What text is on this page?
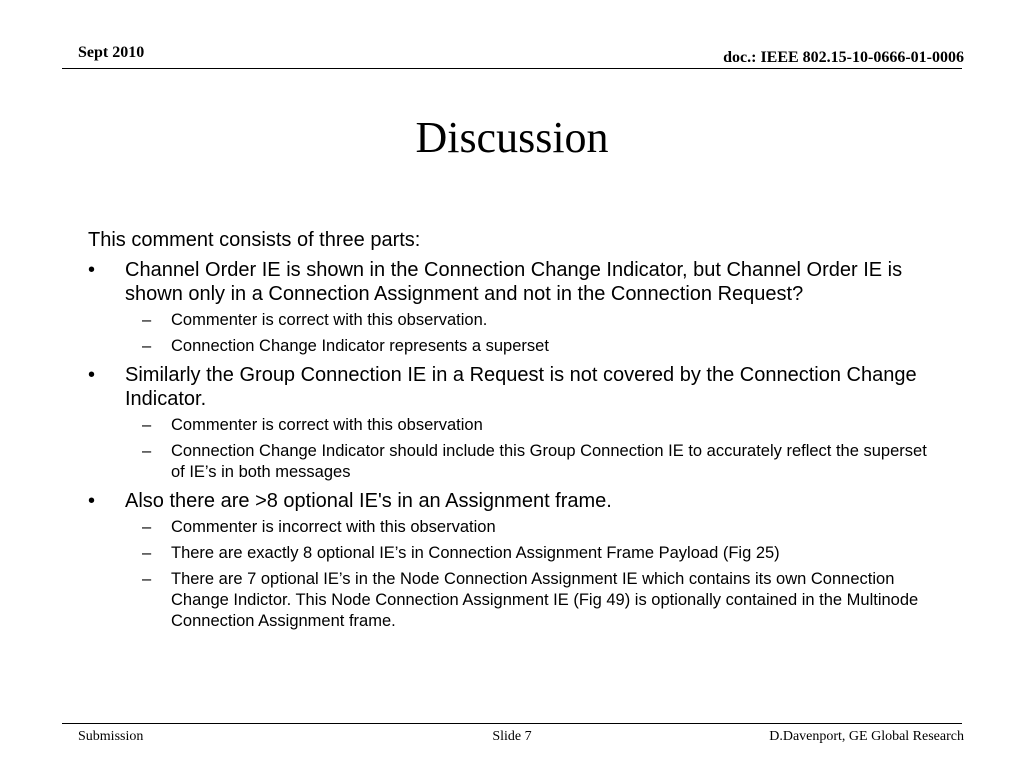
Sept 2010	doc.: IEEE 802.15-10-0666-01-0006
Discussion
This comment consists of three parts:
• Channel Order IE is shown in the Connection Change Indicator, but Channel Order IE is shown only in a Connection Assignment and not in the Connection Request?
– Commenter is correct with this observation.
– Connection Change Indicator represents a superset
• Similarly the Group Connection IE in a Request is not covered by the Connection Change Indicator.
– Commenter is correct with this observation
– Connection Change Indicator should include this Group Connection IE to accurately reflect the superset of IE’s in both messages
• Also there are >8 optional IE's in an Assignment frame.
– Commenter is incorrect with this observation
– There are exactly 8 optional IE’s in Connection Assignment Frame Payload (Fig 25)
– There are 7 optional IE’s in the Node Connection Assignment IE which contains its own Connection Change Indictor. This Node Connection Assignment IE (Fig 49) is optionally contained in the Multinode Connection Assignment frame.
Submission	Slide 7	D.Davenport, GE Global Research
